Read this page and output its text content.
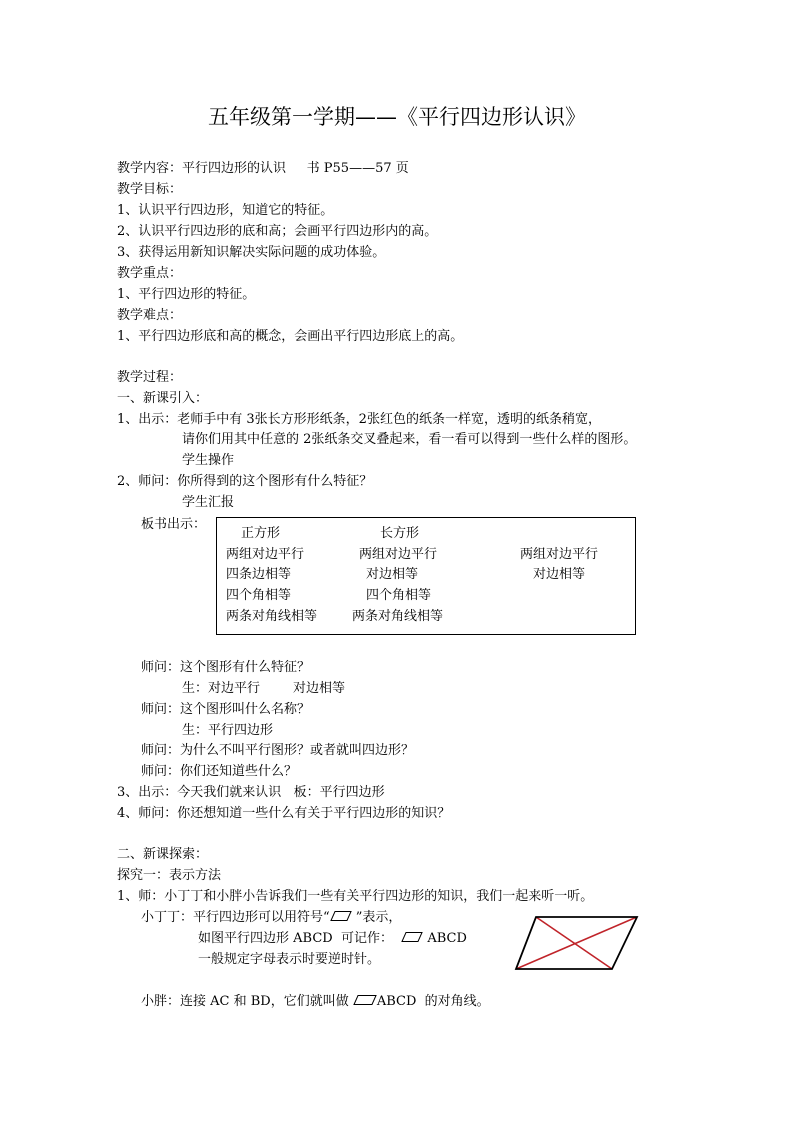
五年级第一学期——《平行四边形认识》
教学内容：平行四边形的认识     书 P55——57 页
教学目标：
1、认识平行四边形，知道它的特征。
2、认识平行四边形的底和高；会画平行四边形内的高。
3、获得运用新知识解决实际问题的成功体验。
教学重点：
1、平行四边形的特征。
教学难点：
1、平行四边形底和高的概念，会画出平行四边形底上的高。
教学过程：
一、新课引入：
1、出示：老师手中有 3张长方形形纸条，2张红色的纸条一样宽，透明的纸条稍宽，
请你们用其中任意的 2张纸条交叉叠起来，看一看可以得到一些什么样的图形。
学生操作
2、师问：你所得到的这个图形有什么特征？
学生汇报
板书出示：
正方形
两组对边平行
四条边相等
四个角相等
两条对角线相等
长方形
两组对边平行
对边相等
四个角相等
两条对角线相等
两组对边平行
对边相等
师问：这个图形有什么特征？
生：对边平行        对边相等
师问：这个图形叫什么名称？
生：平行四边形
师问：为什么不叫平行图形？或者就叫四边形？
师问：你们还知道些什么？
3、出示：今天我们就来认识   板：平行四边形
4、师问：你还想知道一些什么有关于平行四边形的知识？
二、新课探索：
探究一：表示方法
1、师：小丁丁和小胖小告诉我们一些有关平行四边形的知识，我们一起来听一听。
小丁丁：平行四边形可以用符号“ ”表示，
如图平行四边形 ABCD  可记作：   ABCD
一般规定字母表示时要逆时针。
小胖：连接 AC 和 BD，它们就叫做 ABCD  的对角线。
